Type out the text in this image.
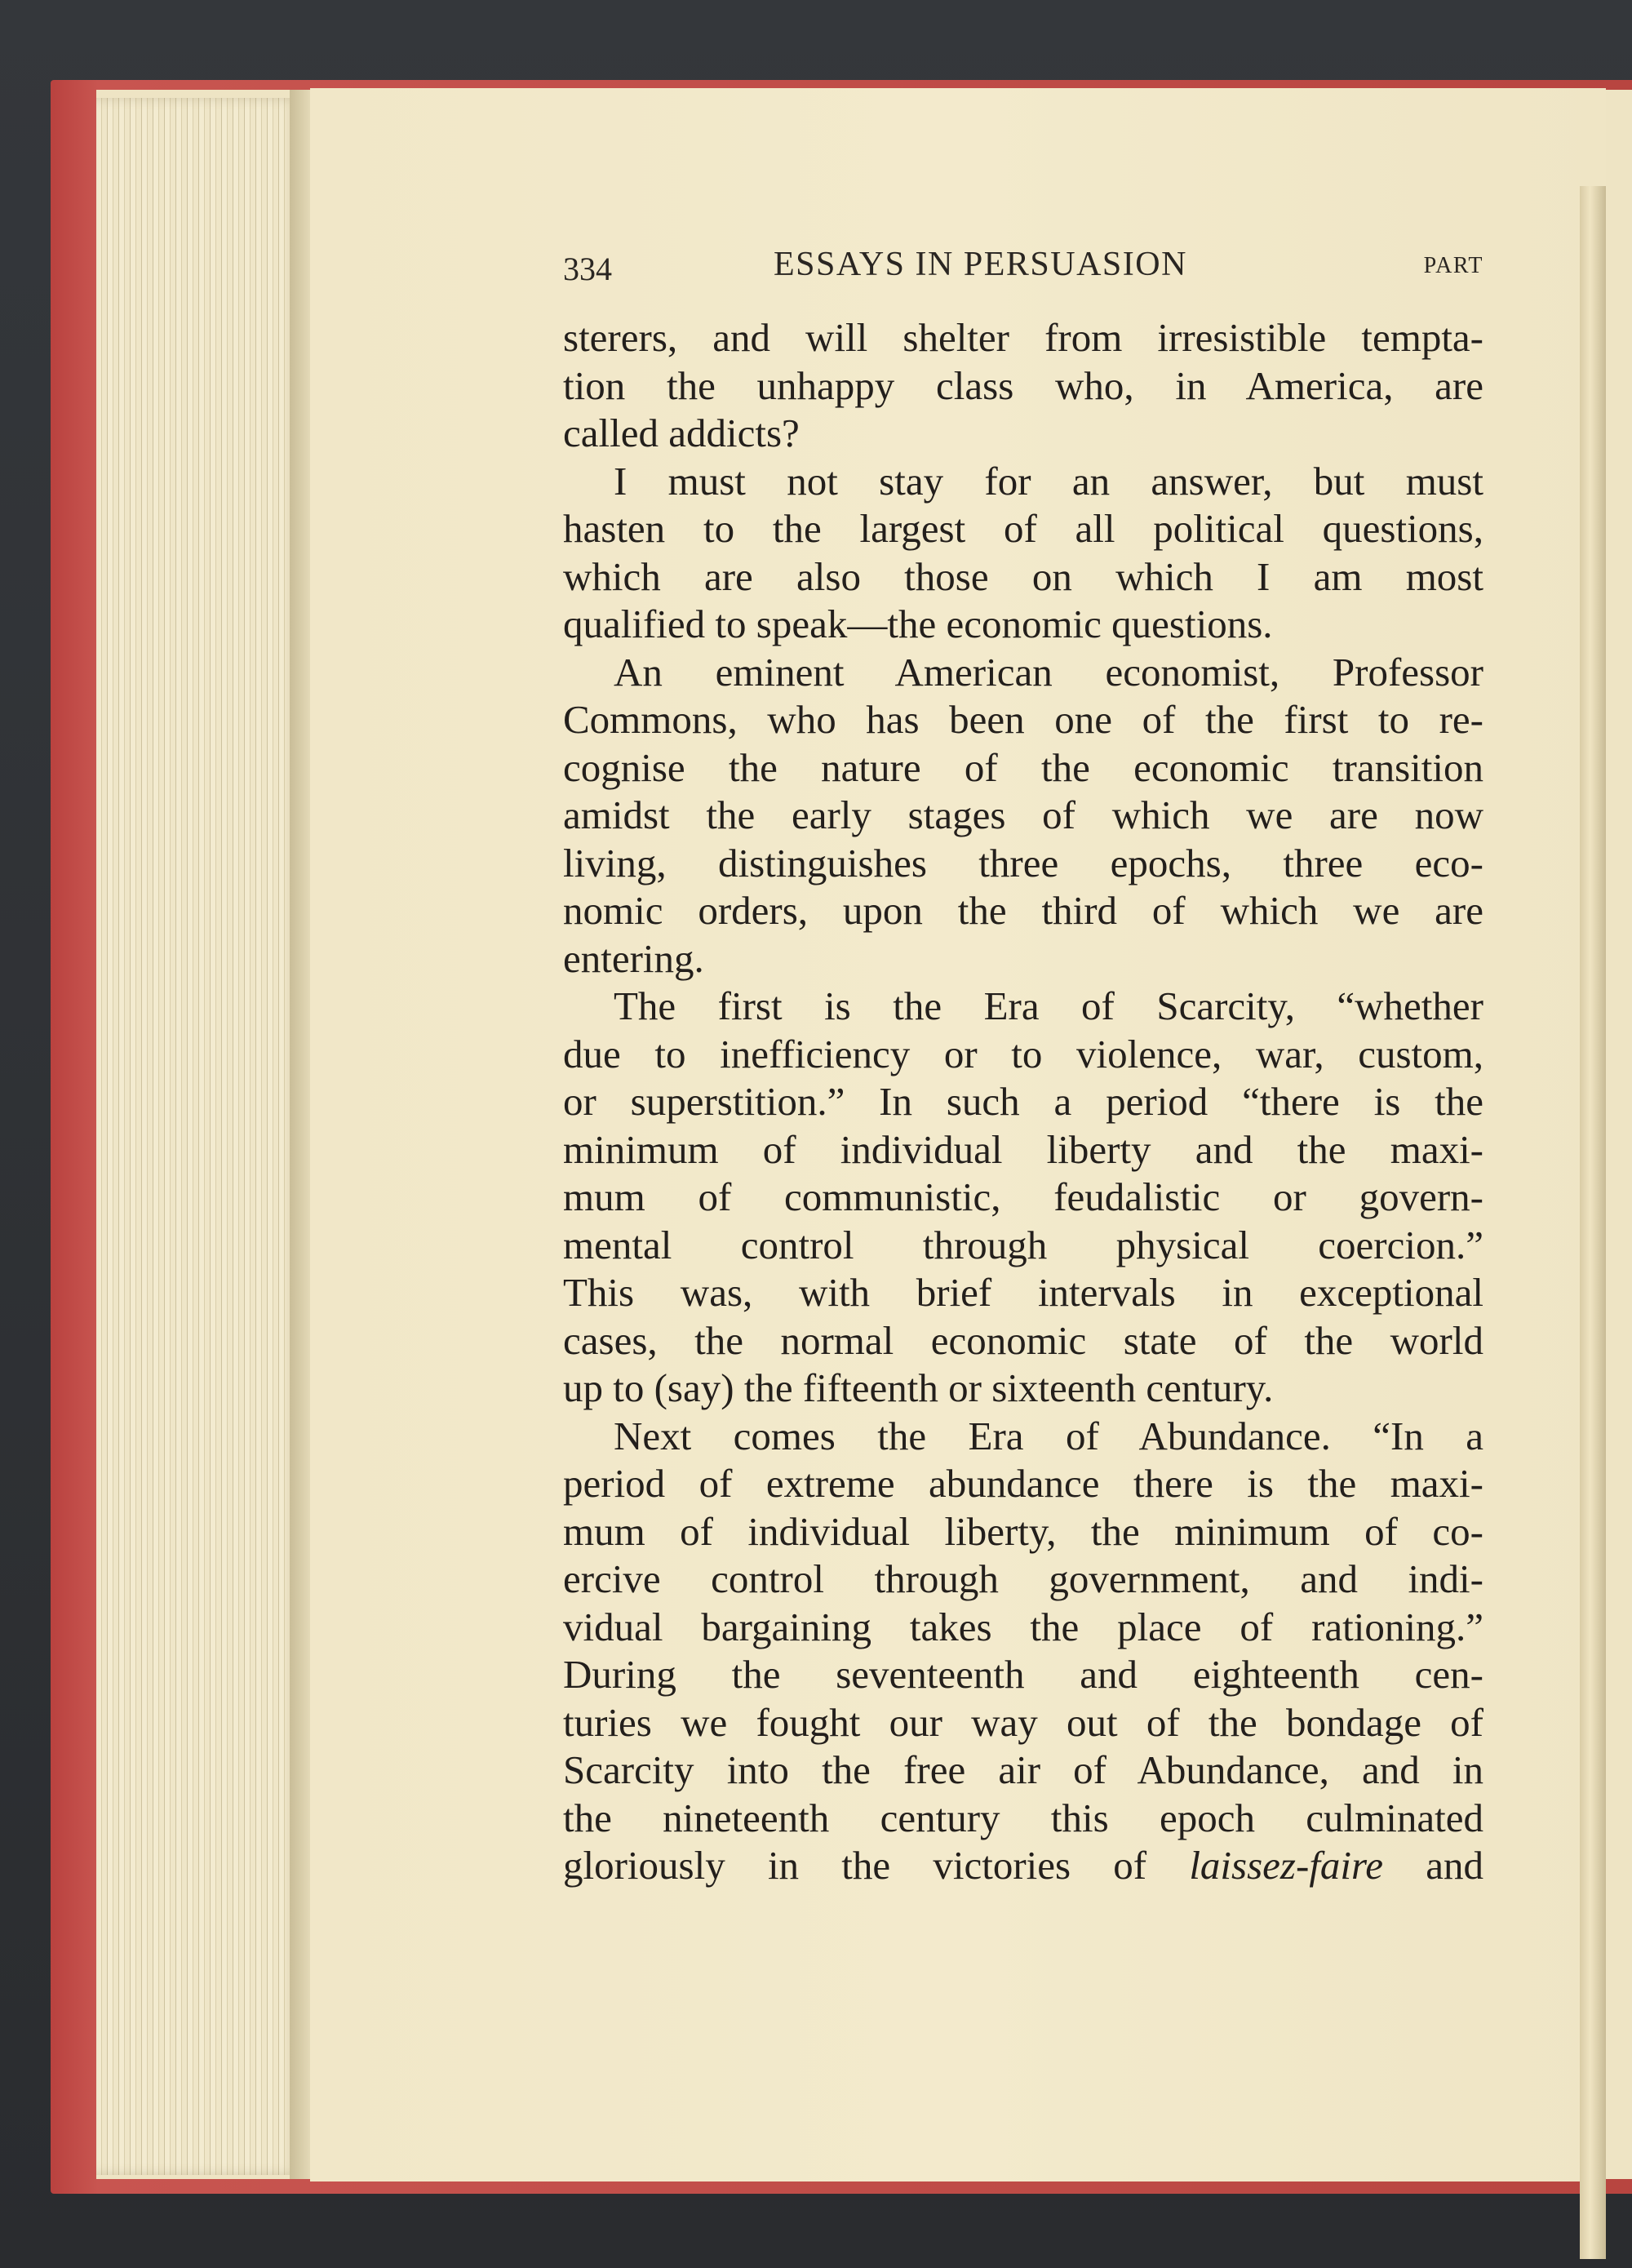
334	ESSAYS IN PERSUASION	PART
sterers, and will shelter from irresistible tempta-
tion the unhappy class who, in America, are
called addicts?
I must not stay for an answer, but must
hasten to the largest of all political questions,
which are also those on which I am most
qualified to speak—the economic questions.
An eminent American economist, Professor
Commons, who has been one of the first to re-
cognise the nature of the economic transition
amidst the early stages of which we are now
living, distinguishes three epochs, three eco-
nomic orders, upon the third of which we are
entering.
The first is the Era of Scarcity, “whether
due to inefficiency or to violence, war, custom,
or superstition.” In such a period “there is the
minimum of individual liberty and the maxi-
mum of communistic, feudalistic or govern-
mental control through physical coercion.”
This was, with brief intervals in exceptional
cases, the normal economic state of the world
up to (say) the fifteenth or sixteenth century.
Next comes the Era of Abundance. “In a
period of extreme abundance there is the maxi-
mum of individual liberty, the minimum of co-
ercive control through government, and indi-
vidual bargaining takes the place of rationing.”
During the seventeenth and eighteenth cen-
turies we fought our way out of the bondage of
Scarcity into the free air of Abundance, and in
the nineteenth century this epoch culminated
gloriously in the victories of laissez-faire and
